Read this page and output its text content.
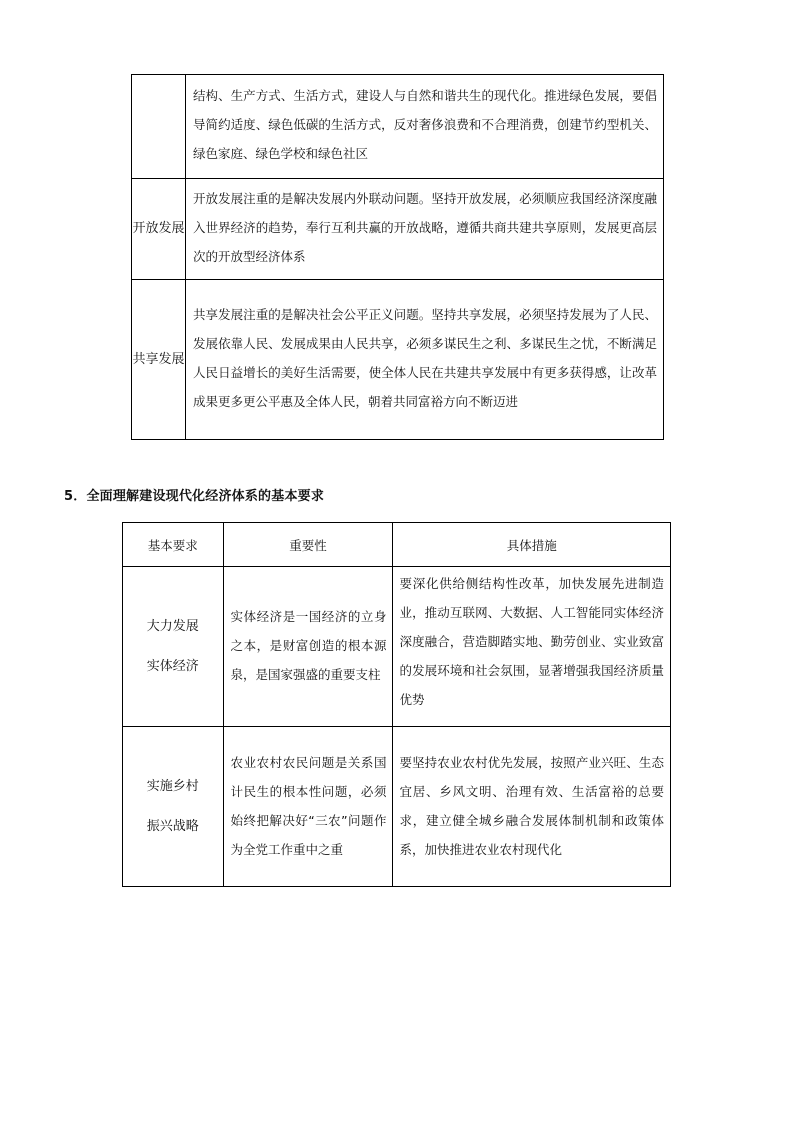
	结构、生产方式、生活方式，建设人与自然和谐共生的现代化。推进绿色发展，要倡导简约适度、绿色低碳的生活方式，反对奢侈浪费和不合理消费，创建节约型机关、绿色家庭、绿色学校和绿色社区
开放发展	开放发展注重的是解决发展内外联动问题。坚持开放发展，必须顺应我国经济深度融入世界经济的趋势，奉行互利共赢的开放战略，遵循共商共建共享原则，发展更高层次的开放型经济体系
共享发展	共享发展注重的是解决社会公平正义问题。坚持共享发展，必须坚持发展为了人民、发展依靠人民、发展成果由人民共享，必须多谋民生之利、多谋民生之忧，不断满足人民日益增长的美好生活需要，使全体人民在共建共享发展中有更多获得感，让改革成果更多更公平惠及全体人民，朝着共同富裕方向不断迈进
5．全面理解建设现代化经济体系的基本要求
基本要求	重要性	具体措施

大力发展实体经济	实体经济是一国经济的立身之本，是财富创造的根本源泉，是国家强盛的重要支柱	要深化供给侧结构性改革，加快发展先进制造业，推动互联网、大数据、人工智能同实体经济深度融合，营造脚踏实地、勤劳创业、实业致富的发展环境和社会氛围，显著增强我国经济质量优势

实施乡村振兴战略	农业农村农民问题是关系国计民生的根本性问题，必须始终把解决好“三农”问题作为全党工作重中之重	要坚持农业农村优先发展，按照产业兴旺、生态宜居、乡风文明、治理有效、生活富裕的总要求，建立健全城乡融合发展体制机制和政策体系，加快推进农业农村现代化
